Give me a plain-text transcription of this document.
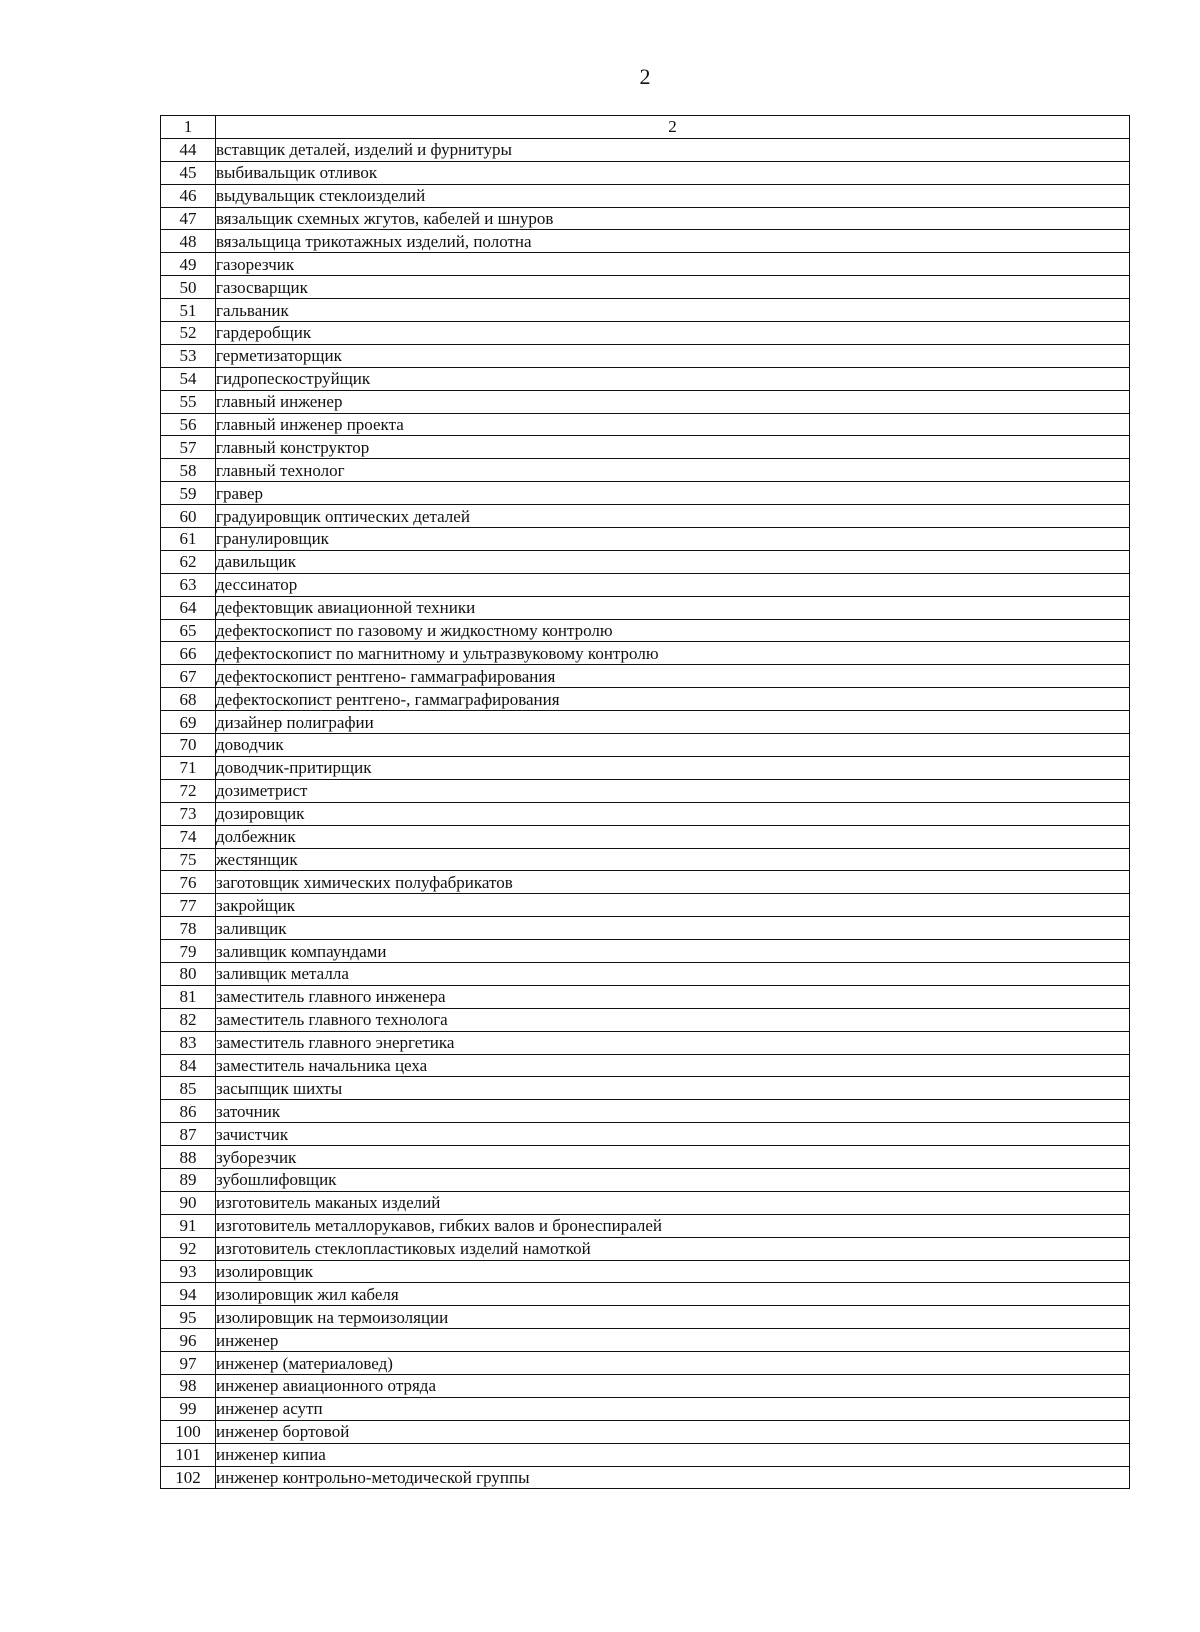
2
1	2
44	вставщик деталей, изделий и фурнитуры
45	выбивальщик отливок
46	выдувальщик стеклоизделий
47	вязальщик схемных жгутов, кабелей и шнуров
48	вязальщица трикотажных изделий, полотна
49	газорезчик
50	газосварщик
51	гальваник
52	гардеробщик
53	герметизаторщик
54	гидропескоструйщик
55	главный инженер
56	главный инженер проекта
57	главный конструктор
58	главный технолог
59	гравер
60	градуировщик оптических деталей
61	гранулировщик
62	давильщик
63	дессинатор
64	дефектовщик авиационной техники
65	дефектоскопист по газовому и жидкостному контролю
66	дефектоскопист по магнитному и ультразвуковому контролю
67	дефектоскопист рентгено- гаммаграфирования
68	дефектоскопист рентгено-, гаммаграфирования
69	дизайнер полиграфии
70	доводчик
71	доводчик-притирщик
72	дозиметрист
73	дозировщик
74	долбежник
75	жестянщик
76	заготовщик химических полуфабрикатов
77	закройщик
78	заливщик
79	заливщик компаундами
80	заливщик металла
81	заместитель главного инженера
82	заместитель главного технолога
83	заместитель главного энергетика
84	заместитель начальника цеха
85	засыпщик шихты
86	заточник
87	зачистчик
88	зуборезчик
89	зубошлифовщик
90	изготовитель маканых изделий
91	изготовитель металлорукавов, гибких валов и бронеспиралей
92	изготовитель стеклопластиковых изделий намоткой
93	изолировщик
94	изолировщик жил кабеля
95	изолировщик на термоизоляции
96	инженер
97	инженер (материаловед)
98	инженер авиационного отряда
99	инженер асутп
100	инженер бортовой
101	инженер кипиа
102	инженер контрольно-методической группы
